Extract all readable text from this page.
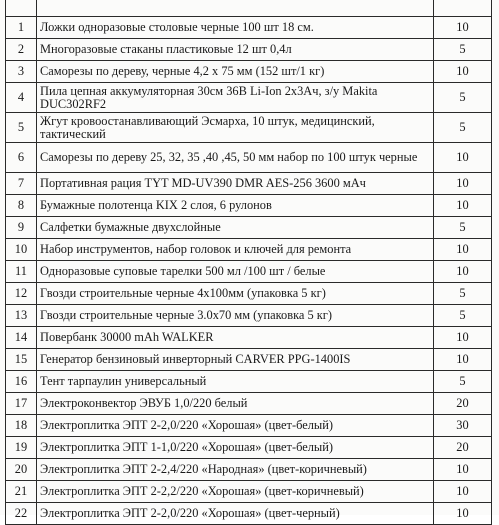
1	Ложки одноразовые столовые черные 100 шт 18 см.	10
2	Многоразовые стаканы пластиковые 12 шт 0,4л	5
3	Саморезы по дереву, черные 4,2 х 75 мм (152 шт/1 кг)	10
4	Пила цепная аккумуляторная 30см 36В Li-Ion 2х3Ач, з/у Makita DUC302RF2	5
5	Жгут кровоостанавливающий Эсмарха, 10 штук, медицинский, тактический	5
6	Саморезы по дереву 25, 32, 35 ,40 ,45, 50 мм набор по 100 штук черные	10
7	Портативная рация TYT MD-UV390 DMR AES-256 3600 мАч	10
8	Бумажные полотенца KIX 2 слоя, 6 рулонов	10
9	Салфетки бумажные двухслойные	5
10	Набор инструментов, набор головок и ключей для ремонта	10
11	Одноразовые суповые тарелки 500 мл /100 шт / белые	10
12	Гвозди строительные черные 4х100мм (упаковка 5 кг)	5
13	Гвозди строительные черные 3.0х70 мм (упаковка 5 кг)	5
14	Повербанк 30000 mAh WALKER	10
15	Генератор бензиновый инверторный CARVER PPG-1400IS	10
16	Тент тарпаулин универсальный	5
17	Электроконвектор ЭВУБ 1,0/220 белый	20
18	Электроплитка ЭПТ 2-2,0/220 «Хорошая» (цвет-белый)	30
19	Электроплитка ЭПТ 1-1,0/220 «Хорошая» (цвет-белый)	20
20	Электроплитка ЭПТ 2-2,4/220 «Народная» (цвет-коричневый)	10
21	Электроплитка ЭПТ 2-2,2/220 «Хорошая» (цвет-коричневый)	10
22	Электроплитка ЭПТ 2-2,0/220 «Хорошая» (цвет-черный)	10
